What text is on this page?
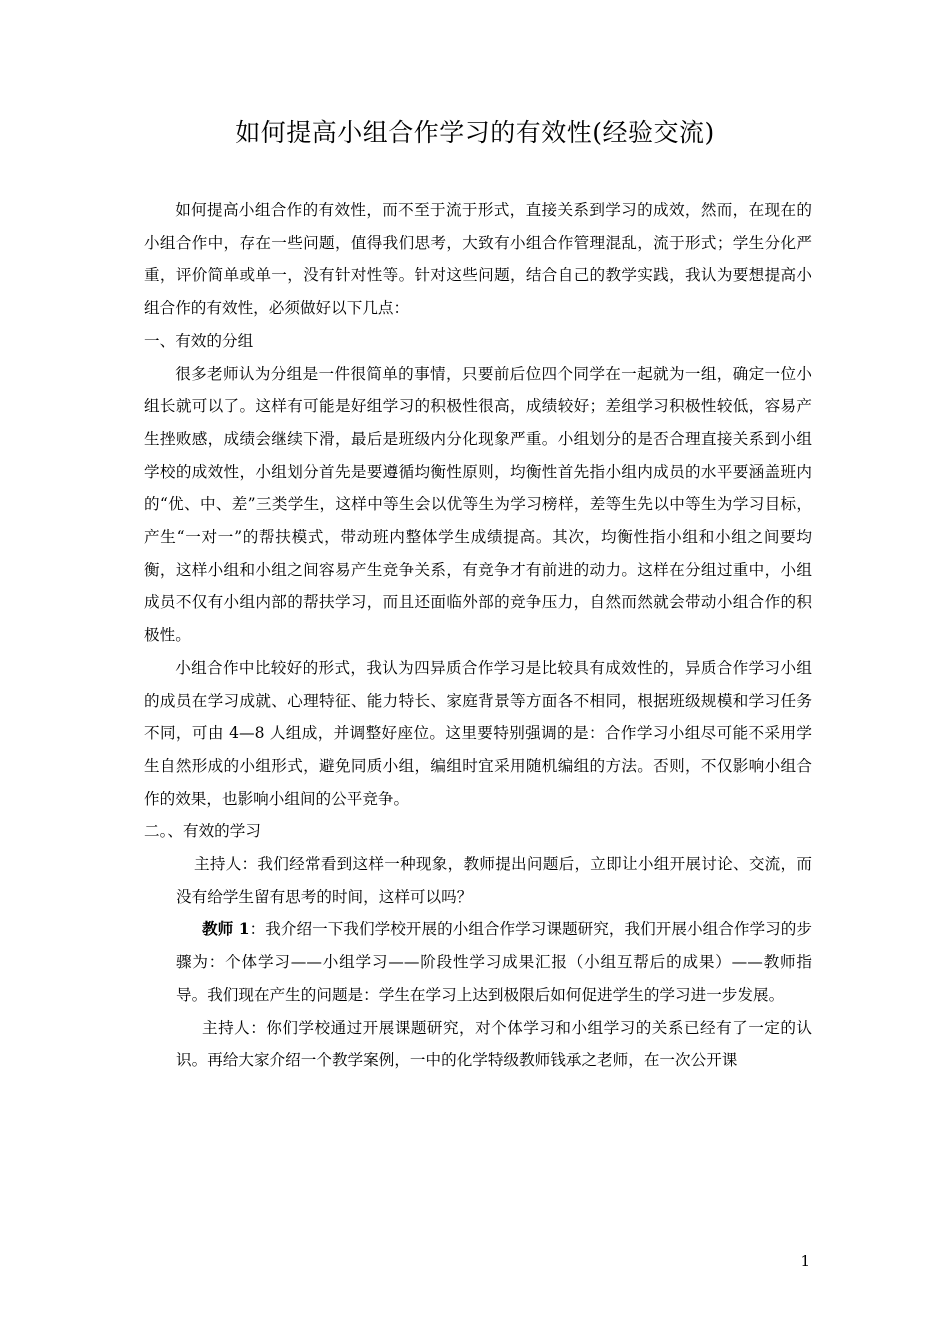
如何提高小组合作学习的有效性(经验交流)

如何提高小组合作的有效性，而不至于流于形式，直接关系到学习的成效，然而，在现在的小组合作中，存在一些问题，值得我们思考，大致有小组合作管理混乱，流于形式；学生分化严重，评价简单或单一，没有针对性等。针对这些问题，结合自己的教学实践，我认为要想提高小组合作的有效性，必须做好以下几点：

一、有效的分组

很多老师认为分组是一件很简单的事情，只要前后位四个同学在一起就为一组，确定一位小组长就可以了。这样有可能是好组学习的积极性很高，成绩较好；差组学习积极性较低，容易产生挫败感，成绩会继续下滑，最后是班级内分化现象严重。小组划分的是否合理直接关系到小组学校的成效性，小组划分首先是要遵循均衡性原则，均衡性首先指小组内成员的水平要涵盖班内的“优、中、差”三类学生，这样中等生会以优等生为学习榜样，差等生先以中等生为学习目标，产生“一对一”的帮扶模式，带动班内整体学生成绩提高。其次，均衡性指小组和小组之间要均衡，这样小组和小组之间容易产生竞争关系，有竞争才有前进的动力。这样在分组过重中，小组成员不仅有小组内部的帮扶学习，而且还面临外部的竞争压力，自然而然就会带动小组合作的积极性。

小组合作中比较好的形式，我认为四异质合作学习是比较具有成效性的，异质合作学习小组的成员在学习成就、心理特征、能力特长、家庭背景等方面各不相同，根据班级规模和学习任务不同，可由 4—8 人组成，并调整好座位。这里要特别强调的是：合作学习小组尽可能不采用学生自然形成的小组形式，避免同质小组，编组时宜采用随机编组的方法。否则，不仅影响小组合作的效果，也影响小组间的公平竞争。

二。、有效的学习

主持人：我们经常看到这样一种现象，教师提出问题后，立即让小组开展讨论、交流，而没有给学生留有思考的时间，这样可以吗？

教师 1：我介绍一下我们学校开展的小组合作学习课题研究，我们开展小组合作学习的步骤为：个体学习——小组学习——阶段性学习成果汇报（小组互帮后的成果）——教师指导。我们现在产生的问题是：学生在学习上达到极限后如何促进学生的学习进一步发展。

主持人：你们学校通过开展课题研究，对个体学习和小组学习的关系已经有了一定的认识。再给大家介绍一个教学案例，一中的化学特级教师钱承之老师，在一次公开课

1
